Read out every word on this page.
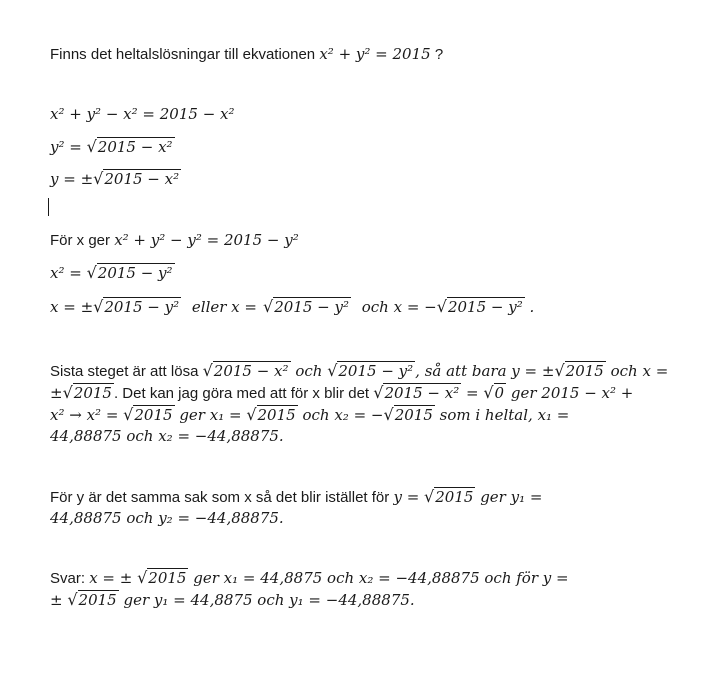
Finns det heltalslösningar till ekvationen x² + y² = 2015 ?
x² + y² − x² = 2015 − x²
y² = √2015 − x²
y = ±√2015 − x²
För x ger x² + y² − y² = 2015 − y²
x² = √2015 − y²
x = ±√2015 − y² eller x = √2015 − y² och x = −√2015 − y² .
Sista steget är att lösa √2015 − x² och √2015 − y² , så att bara y = ±√2015 och x =
±√2015 . Det kan jag göra med att för x blir det √2015 − x² = √0 ger 2015 − x² +
x² → x² = √2015 ger x₁ = √2015 och x₂ = −√2015 som i heltal, x₁ =
44,88875 och x₂ = −44,88875.
För y är det samma sak som x så det blir istället för y = √2015 ger y₁ =
44,88875 och y₂ = −44,88875.
Svar: x = ± √2015 ger x₁ = 44,8875 och x₂ = −44,88875 och för y =
± √2015 ger y₁ = 44,8875 och y₁ = −44,88875.
